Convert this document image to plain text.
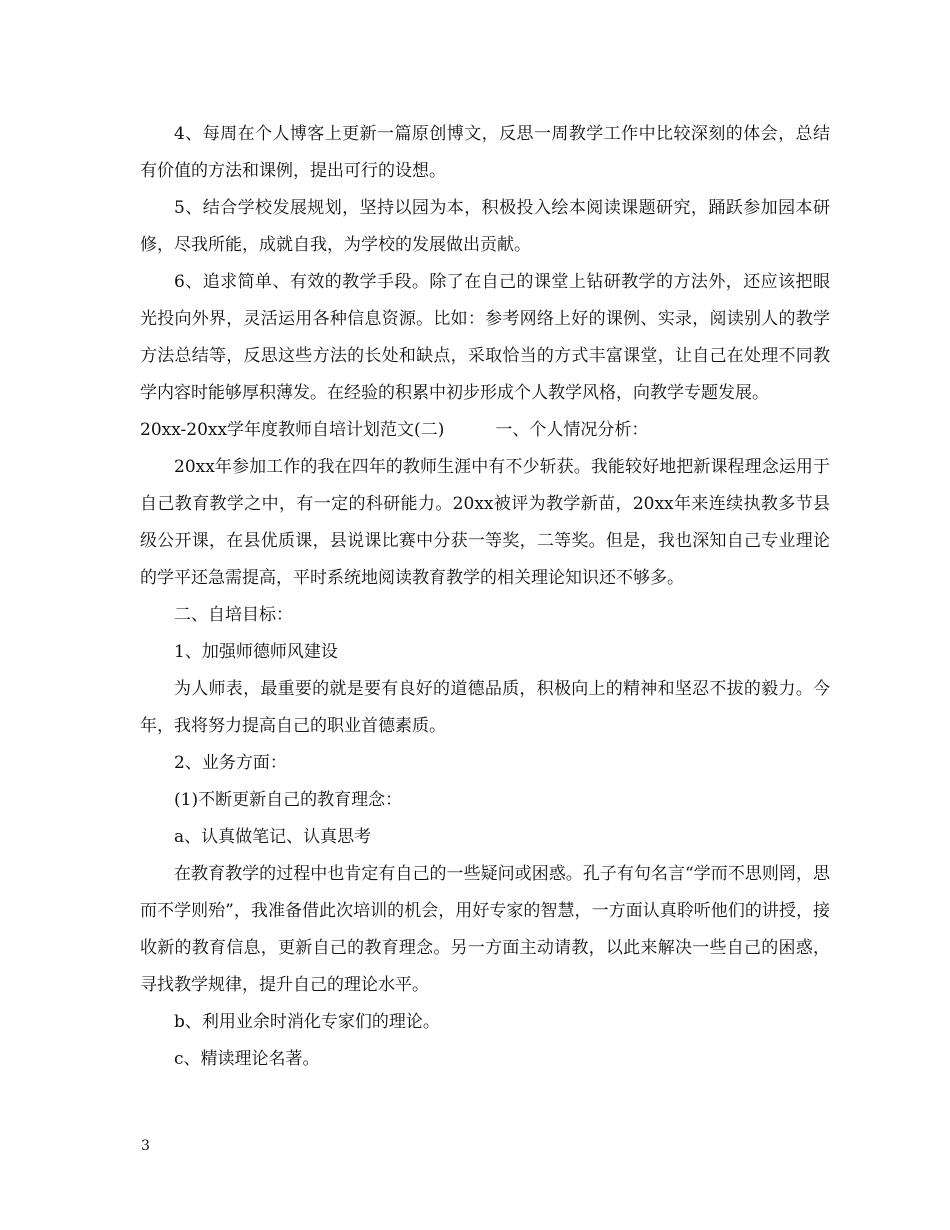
4、每周在个人博客上更新一篇原创博文，反思一周教学工作中比较深刻的体会，总结有价值的方法和课例，提出可行的设想。

5、结合学校发展规划，坚持以园为本，积极投入绘本阅读课题研究，踊跃参加园本研修，尽我所能，成就自我，为学校的发展做出贡献。

6、追求简单、有效的教学手段。除了在自己的课堂上钻研教学的方法外，还应该把眼光投向外界，灵活运用各种信息资源。比如：参考网络上好的课例、实录，阅读别人的教学方法总结等，反思这些方法的长处和缺点，采取恰当的方式丰富课堂，让自己在处理不同教学内容时能够厚积薄发。在经验的积累中初步形成个人教学风格，向教学专题发展。

20xx-20xx学年度教师自培计划范文(二)　　　一、个人情况分析：

20xx年参加工作的我在四年的教师生涯中有不少斩获。我能较好地把新课程理念运用于自己教育教学之中，有一定的科研能力。20xx被评为教学新苗，20xx年来连续执教多节县级公开课，在县优质课，县说课比赛中分获一等奖，二等奖。但是，我也深知自己专业理论的学平还急需提高，平时系统地阅读教育教学的相关理论知识还不够多。

二、自培目标：

1、加强师德师风建设

为人师表，最重要的就是要有良好的道德品质，积极向上的精神和坚忍不拔的毅力。今年，我将努力提高自己的职业首德素质。

2、业务方面：

(1)不断更新自己的教育理念：

a、认真做笔记、认真思考

在教育教学的过程中也肯定有自己的一些疑问或困惑。孔子有句名言“学而不思则罔，思而不学则殆”，我准备借此次培训的机会，用好专家的智慧，一方面认真聆听他们的讲授，接收新的教育信息，更新自己的教育理念。另一方面主动请教，以此来解决一些自己的困惑，寻找教学规律，提升自己的理论水平。

b、利用业余时消化专家们的理论。

c、精读理论名著。

3
